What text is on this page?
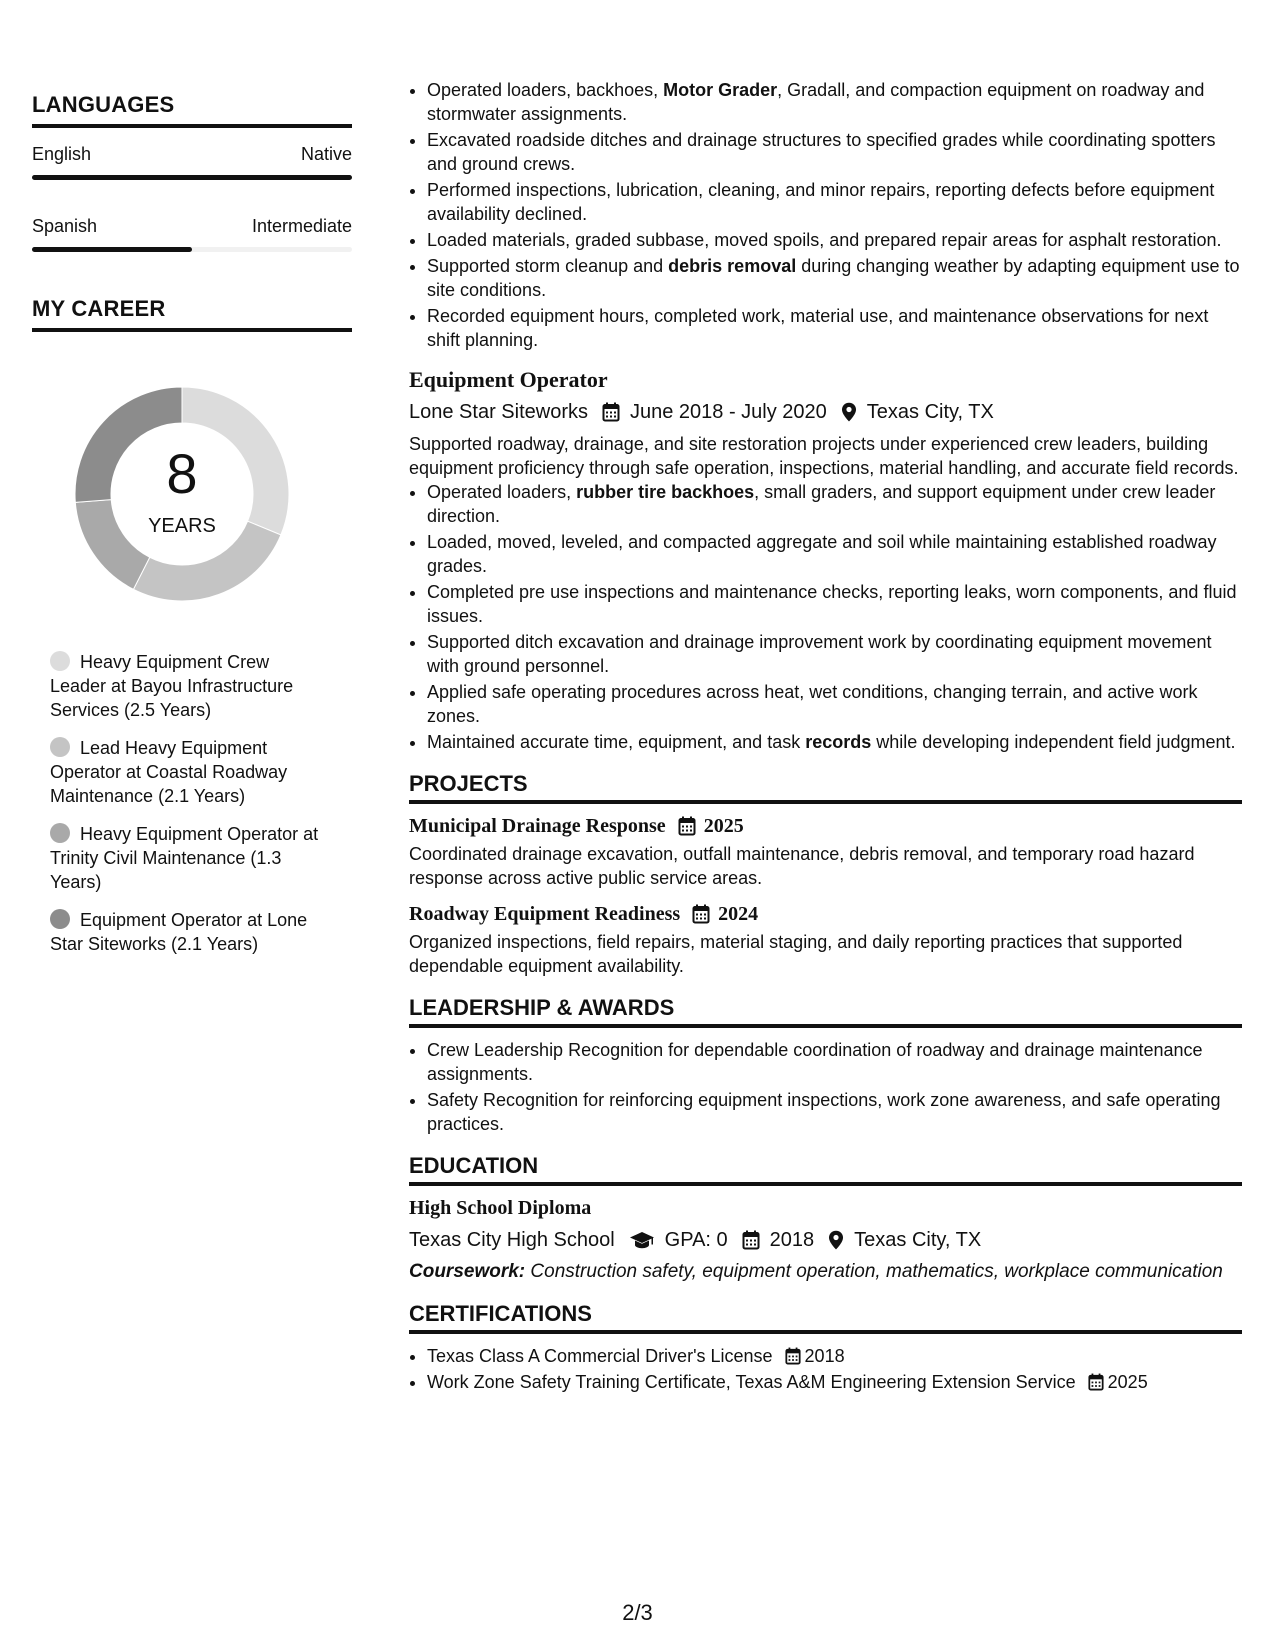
LANGUAGES
English	Native
Spanish	Intermediate
MY CAREER
8
YEARS
Heavy Equipment Crew Leader at Bayou Infrastructure Services (2.5 Years)
Lead Heavy Equipment Operator at Coastal Roadway Maintenance (2.1 Years)
Heavy Equipment Operator at Trinity Civil Maintenance (1.3 Years)
Equipment Operator at Lone Star Siteworks (2.1 Years)
• Operated loaders, backhoes, Motor Grader, Gradall, and compaction equipment on roadway and stormwater assignments.
• Excavated roadside ditches and drainage structures to specified grades while coordinating spotters and ground crews.
• Performed inspections, lubrication, cleaning, and minor repairs, reporting defects before equipment availability declined.
• Loaded materials, graded subbase, moved spoils, and prepared repair areas for asphalt restoration.
• Supported storm cleanup and debris removal during changing weather by adapting equipment use to site conditions.
• Recorded equipment hours, completed work, material use, and maintenance observations for next shift planning.
Equipment Operator
Lone Star Siteworks June 2018 - July 2020 Texas City, TX
Supported roadway, drainage, and site restoration projects under experienced crew leaders, building equipment proficiency through safe operation, inspections, material handling, and accurate field records.
• Operated loaders, rubber tire backhoes, small graders, and support equipment under crew leader direction.
• Loaded, moved, leveled, and compacted aggregate and soil while maintaining established roadway grades.
• Completed pre use inspections and maintenance checks, reporting leaks, worn components, and fluid issues.
• Supported ditch excavation and drainage improvement work by coordinating equipment movement with ground personnel.
• Applied safe operating procedures across heat, wet conditions, changing terrain, and active work zones.
• Maintained accurate time, equipment, and task records while developing independent field judgment.
PROJECTS
Municipal Drainage Response 2025
Coordinated drainage excavation, outfall maintenance, debris removal, and temporary road hazard response across active public service areas.
Roadway Equipment Readiness 2024
Organized inspections, field repairs, material staging, and daily reporting practices that supported dependable equipment availability.
LEADERSHIP & AWARDS
• Crew Leadership Recognition for dependable coordination of roadway and drainage maintenance assignments.
• Safety Recognition for reinforcing equipment inspections, work zone awareness, and safe operating practices.
EDUCATION
High School Diploma
Texas City High School	GPA: 0 2018 Texas City, TX
Coursework: Construction safety, equipment operation, mathematics, workplace communication
CERTIFICATIONS
• Texas Class A Commercial Driver's License 2018
• Work Zone Safety Training Certificate, Texas A&M Engineering Extension Service 2025
2/3
